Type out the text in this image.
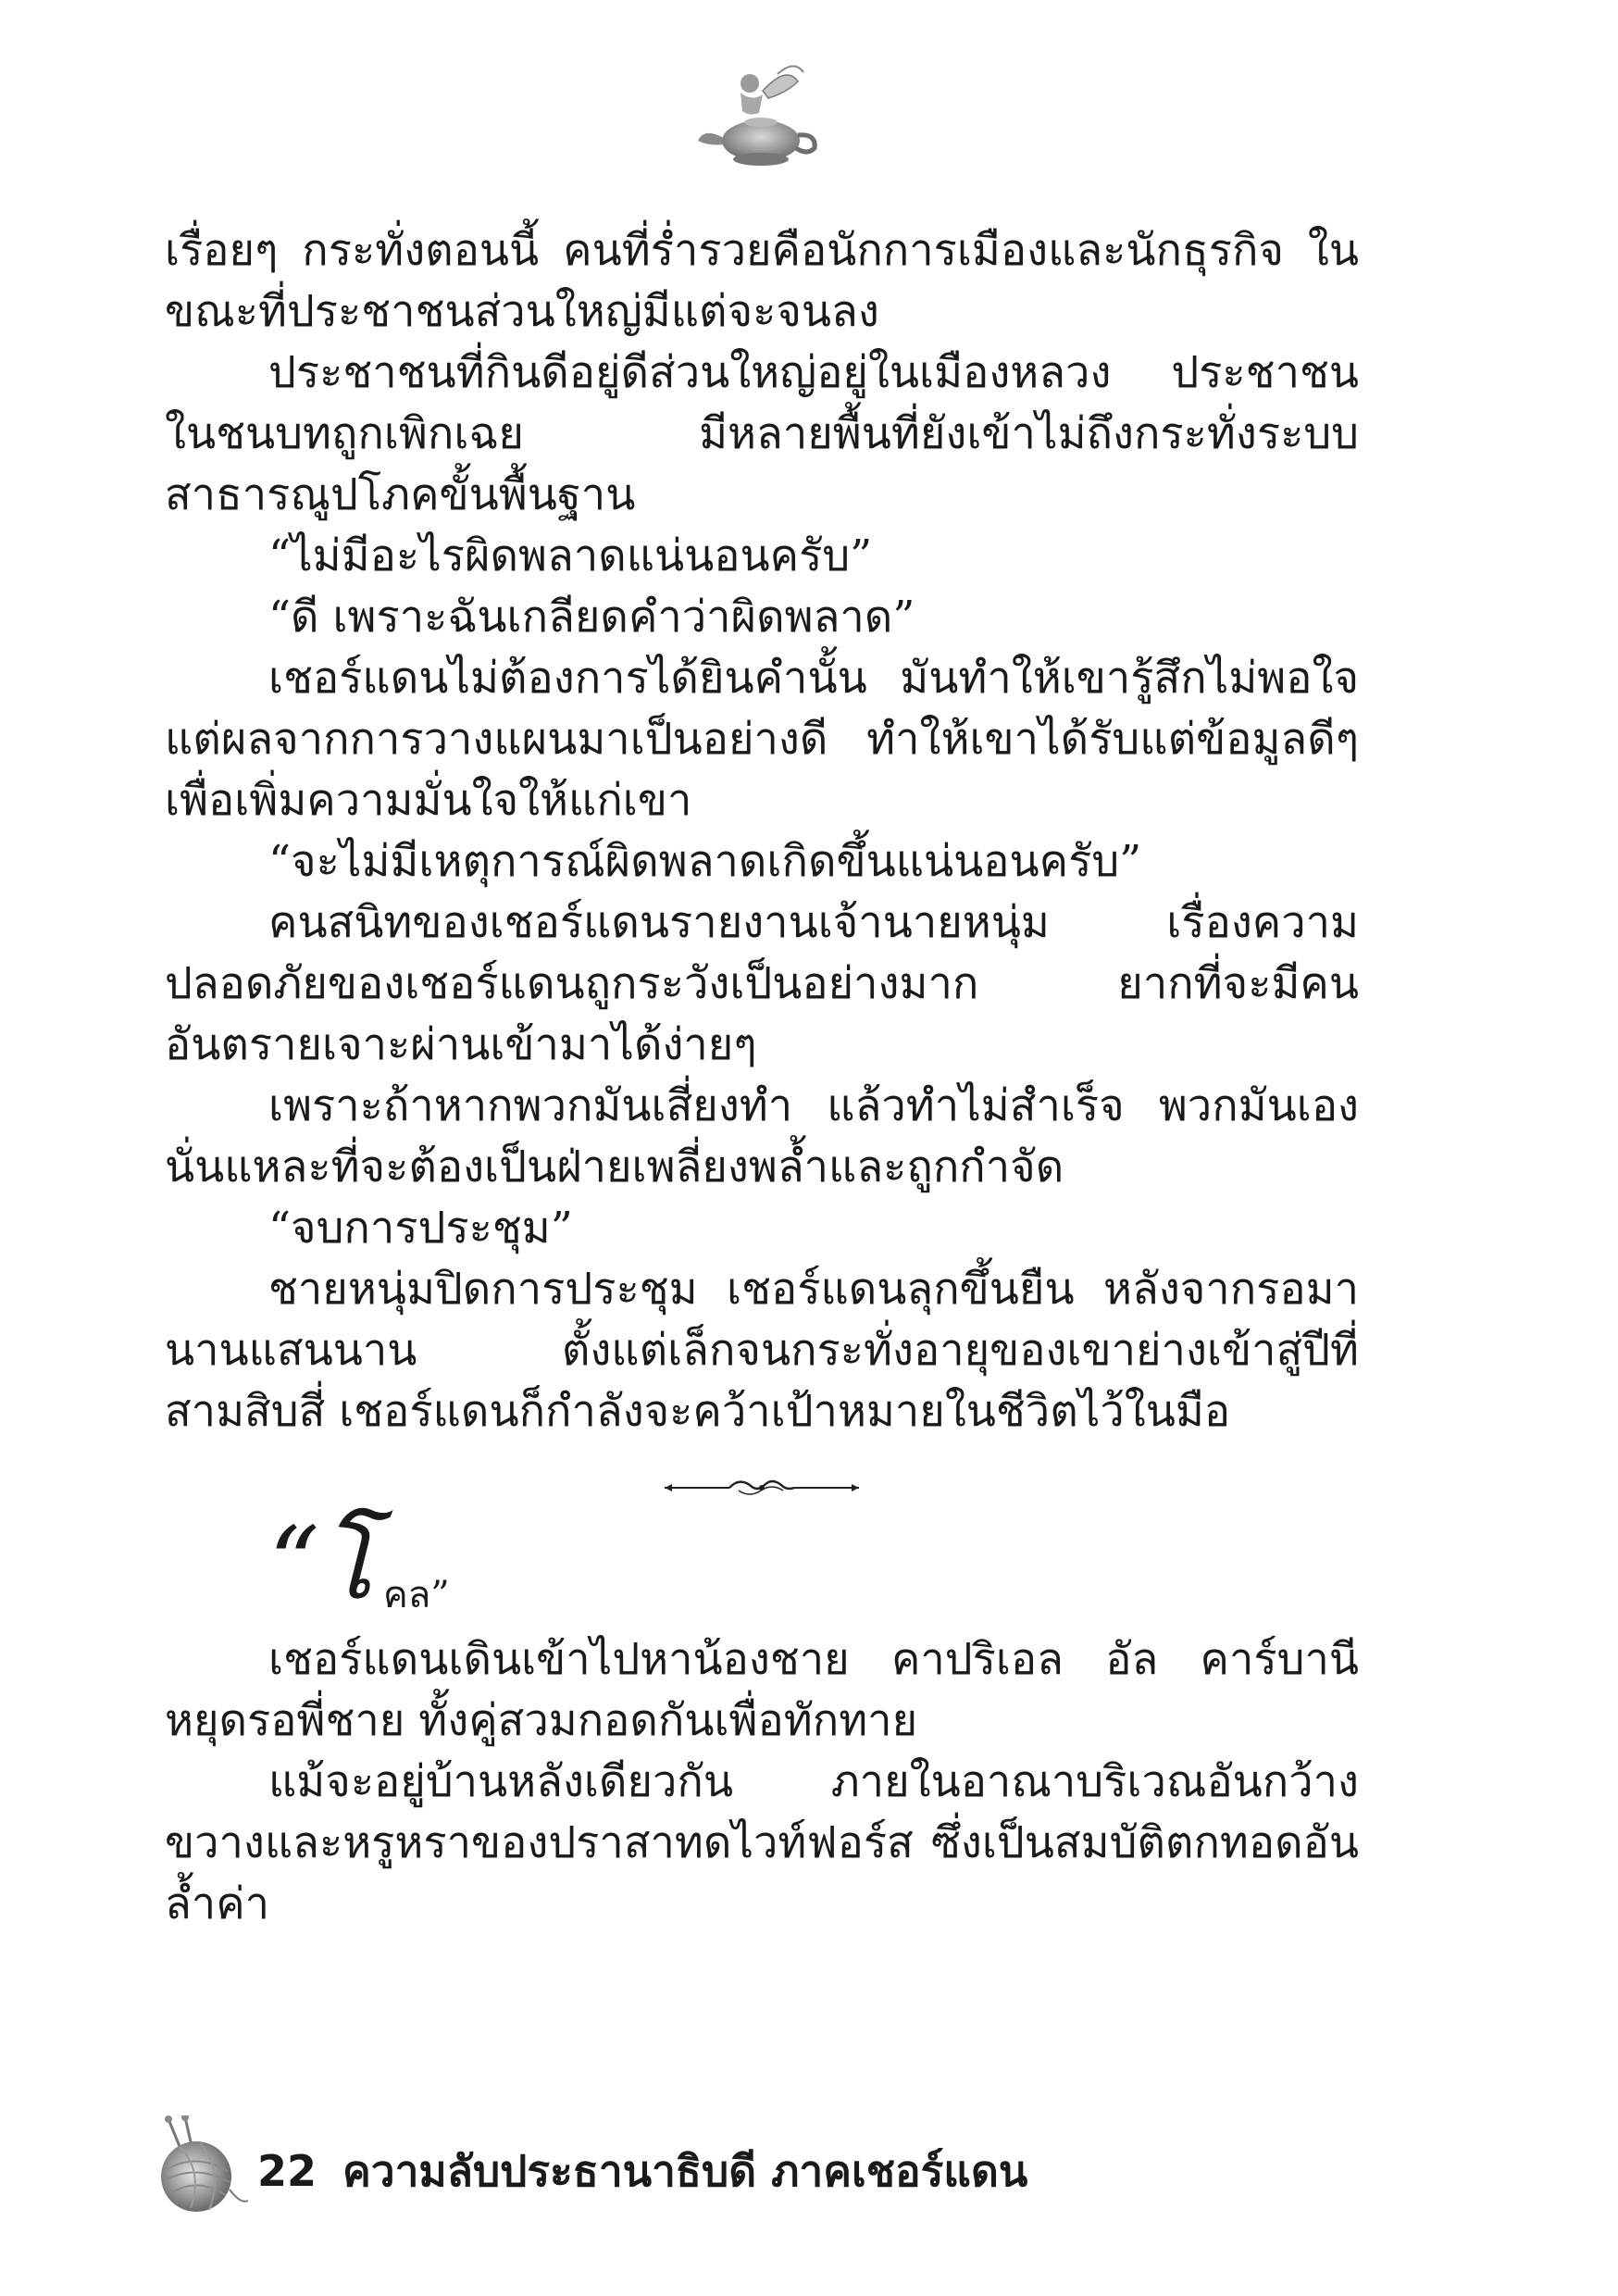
เรื่อยๆ กระทั่งตอนนี้ คนที่ร่ำรวยคือนักการเมืองและนักธุรกิจ ในขณะที่ประชาชนส่วนใหญ่มีแต่จะจนลง

ประชาชนที่กินดีอยู่ดีส่วนใหญ่อยู่ในเมืองหลวง ประชาชนในชนบทถูกเพิกเฉย มีหลายพื้นที่ยังเข้าไม่ถึงกระทั่งระบบสาธารณูปโภคขั้นพื้นฐาน

“ไม่มีอะไรผิดพลาดแน่นอนครับ”

“ดี เพราะฉันเกลียดคำว่าผิดพลาด”

เชอร์แดนไม่ต้องการได้ยินคำนั้น มันทำให้เขารู้สึกไม่พอใจ แต่ผลจากการวางแผนมาเป็นอย่างดี ทำให้เขาได้รับแต่ข้อมูลดีๆ เพื่อเพิ่มความมั่นใจให้แก่เขา

“จะไม่มีเหตุการณ์ผิดพลาดเกิดขึ้นแน่นอนครับ”

คนสนิทของเชอร์แดนรายงานเจ้านายหนุ่ม เรื่องความปลอดภัยของเชอร์แดนถูกระวังเป็นอย่างมาก ยากที่จะมีคนอันตรายเจาะผ่านเข้ามาได้ง่ายๆ

เพราะถ้าหากพวกมันเสี่ยงทำ แล้วทำไม่สำเร็จ พวกมันเองนั่นแหละที่จะต้องเป็นฝ่ายเพลี่ยงพล้ำและถูกกำจัด

“จบการประชุม”

ชายหนุ่มปิดการประชุม เชอร์แดนลุกขึ้นยืน หลังจากรอมานานแสนนาน ตั้งแต่เล็กจนกระทั่งอายุของเขาย่างเข้าสู่ปีที่สามสิบสี่ เชอร์แดนก็กำลังจะคว้าเป้าหมายในชีวิตไว้ในมือ

“โ คล”

เชอร์แดนเดินเข้าไปหาน้องชาย คาปริเอล อัล คาร์บานี หยุดรอพี่ชาย ทั้งคู่สวมกอดกันเพื่อทักทาย

แม้จะอยู่บ้านหลังเดียวกัน ภายในอาณาบริเวณอันกว้างขวางและหรูหราของปราสาทดไวท์ฟอร์ส ซึ่งเป็นสมบัติตกทอดอันล้ำค่า

22 ความลับประธานาธิบดี ภาคเชอร์แดน
